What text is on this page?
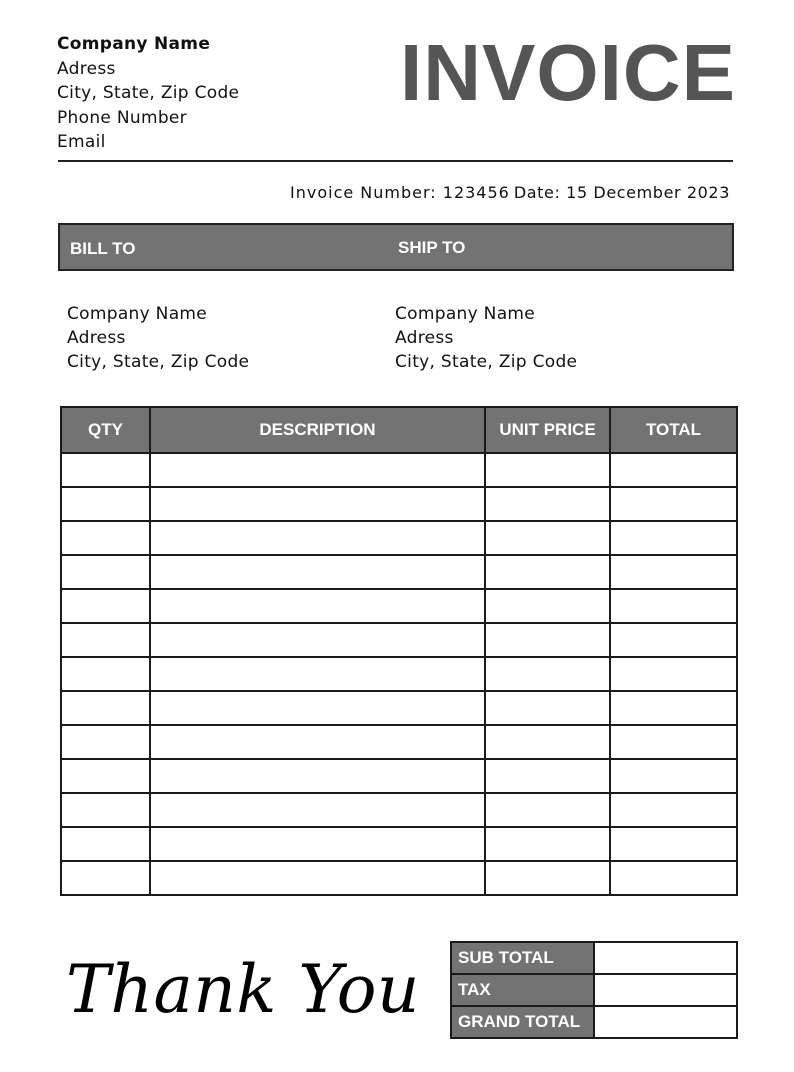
Company Name
Adress
City, State, Zip Code
Phone Number
Email
INVOICE
Invoice Number: 123456 Date: 15 December 2023
BILL TO	SHIP TO
Company Name
Adress
City, State, Zip Code
Company Name
Adress
City, State, Zip Code
QTY	DESCRIPTION	UNIT PRICE	TOTAL

Thank You SUB TOTAL	
TAX	
GRAND TOTAL	
